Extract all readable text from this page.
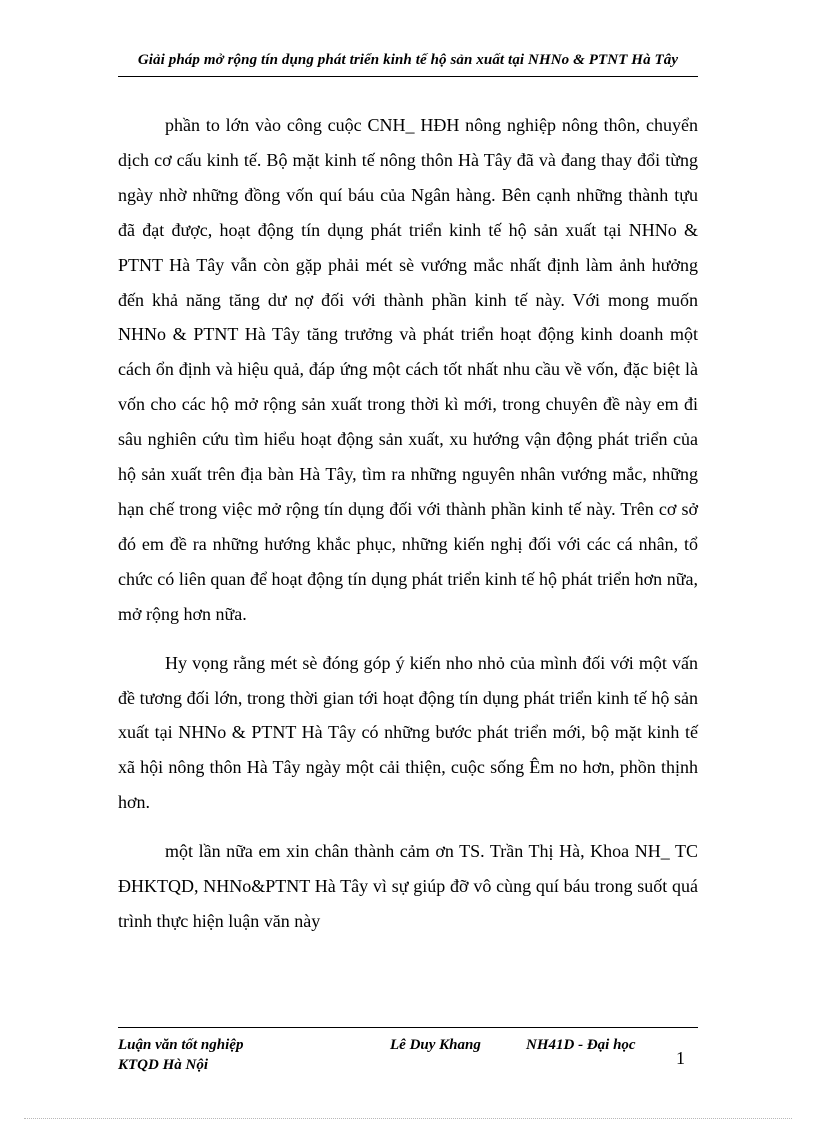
Giải pháp mở rộng tín dụng phát triển kinh tế hộ sản xuất tại NHNo & PTNT Hà Tây

phần to lớn vào công cuộc CNH_ HĐH nông nghiệp nông thôn, chuyển dịch cơ cấu kinh tế. Bộ mặt kinh tế nông thôn Hà Tây đã và đang thay đổi từng ngày nhờ những đồng vốn quí báu của Ngân hàng. Bên cạnh những thành tựu đã đạt được, hoạt động tín dụng phát triển kinh tế hộ sản xuất tại NHNo & PTNT Hà Tây vẫn còn gặp phải mét sè vướng mắc nhất định làm ảnh hưởng đến khả năng tăng dư nợ đối với thành phần kinh tế này. Với mong muốn NHNo & PTNT Hà Tây tăng trưởng và phát triển hoạt động kinh doanh một cách ổn định và hiệu quả, đáp ứng một cách tốt nhất nhu cầu về vốn, đặc biệt là vốn cho các hộ mở rộng sản xuất trong thời kì mới, trong chuyên đề này em đi sâu nghiên cứu tìm hiểu hoạt động sản xuất, xu hướng vận động phát triển của hộ sản xuất trên địa bàn Hà Tây, tìm ra những nguyên nhân vướng mắc, những hạn chế trong việc mở rộng tín dụng đối với thành phần kinh tế này. Trên cơ sở đó em đề ra những hướng khắc phục, những kiến nghị đối với các cá nhân, tổ chức có liên quan để hoạt động tín dụng phát triển kinh tế hộ phát triển hơn nữa, mở rộng hơn nữa.

Hy vọng rằng mét sè đóng góp ý kiến nho nhỏ của mình đối với một vấn đề tương đối lớn, trong thời gian tới hoạt động tín dụng phát triển kinh tế hộ sản xuất tại NHNo & PTNT Hà Tây có những bước phát triển mới, bộ mặt kinh tế xã hội nông thôn Hà Tây ngày một cải thiện, cuộc sống Êm no hơn, phồn thịnh hơn.

một lần nữa em xin chân thành cảm ơn TS. Trần Thị Hà, Khoa NH_ TC ĐHKTQD, NHNo&PTNT Hà Tây vì sự giúp đỡ vô cùng quí báu trong suốt quá trình thực hiện luận văn này

Luận văn tốt nghiệp
KTQD Hà Nội
Lê Duy Khang	NH41D - Đại học
1
